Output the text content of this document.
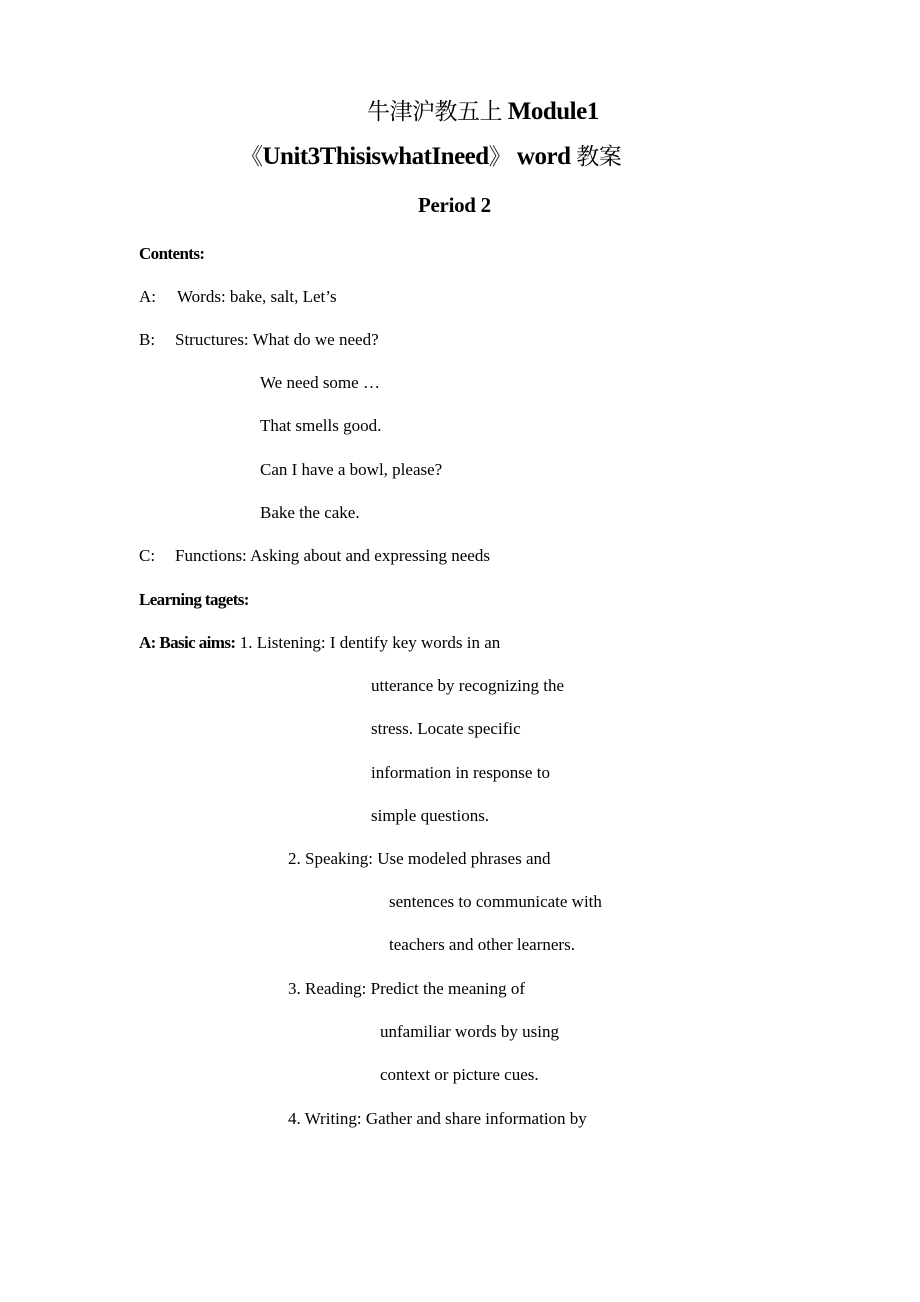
牛津沪教五上 Module1
《Unit3ThisiswhatIneed》 word 教案
Period 2
Contents:
A: Words: bake, salt, Let’s
B: Structures: What do we need?
We need some …
That smells good.
Can I have a bowl, please?
Bake the cake.
C: Functions: Asking about and expressing needs
Learning tagets:
A: Basic aims: 1. Listening: I dentify key words in an
utterance by recognizing the
stress. Locate specific
information in response to
simple questions.
2. Speaking: Use modeled phrases and
sentences to communicate with
teachers and other learners.
3. Reading: Predict the meaning of
unfamiliar words by using
context or picture cues.
4. Writing: Gather and share information by
